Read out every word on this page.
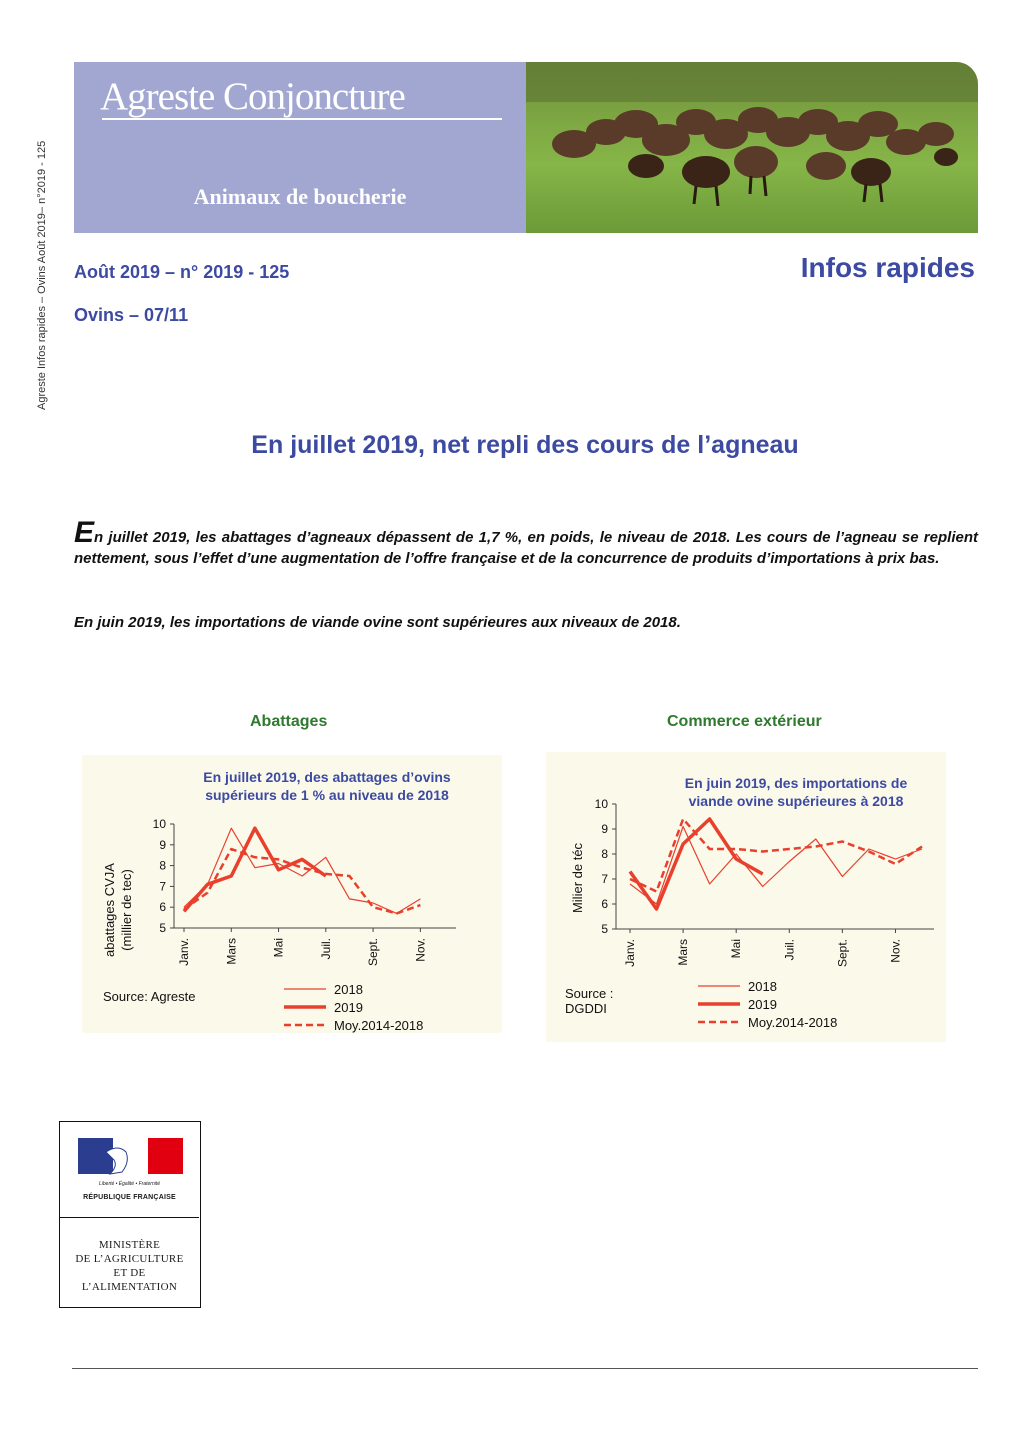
Agreste Infos rapides – Ovins Août 2019– n°2019 - 125
Agreste Conjoncture
Animaux de boucherie
Août 2019 – n° 2019 - 125
Ovins – 07/11
Infos rapides
En juillet 2019, net repli des cours de l’agneau
En juillet 2019, les abattages d’agneaux dépassent de 1,7 %, en poids, le niveau de 2018. Les cours de l’agneau se replient nettement, sous l’effet d’une augmentation de l’offre française et de la concurrence de produits d’importations à prix bas.
En juin 2019, les importations de viande ovine sont supérieures aux niveaux de 2018.
Abattages	Commerce extérieur
En juillet 2019, des abattages d’ovins
supérieurs de 1 % au niveau de 2018
abattages CVJA (millier de tec) 5
6
7
8
9
10
Janv.	Mars	Mai	Juil.	Sept.	Nov.
2018
2019
Moy.2014-2018
Source: Agreste
En juin 2019, des importations de
viande ovine supérieures à 2018
Milier de téc
5
6
7
8
9
10
Janv.	Mars	Mai	Juil.	Sept.	Nov.
2018
2019
Moy.2014-2018
Source :
DGDDI
Liberté • Égalité • Fraternité
RÉPUBLIQUE FRANÇAISE
MINISTÈRE
DE L’AGRICULTURE
ET DE
L’ALIMENTATION
